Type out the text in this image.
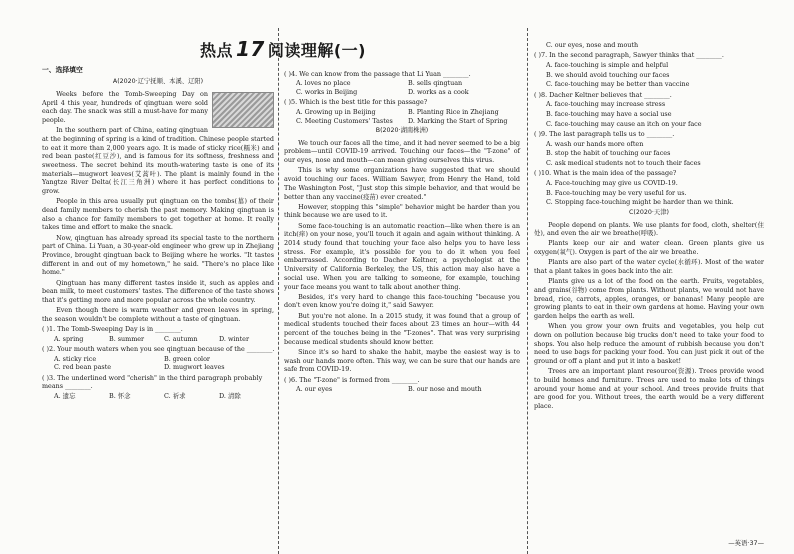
热点 17 阅读理解(一)
一、选择填空
A(2020·辽宁抚顺、本溪、辽阳)

Weeks before the Tomb-Sweeping Day on April 4 this year, hundreds of qingtuan were sold each day. The snack was still a must-have for many people.

In the southern part of China, eating qingtuan at the beginning of spring is a kind of tradition. Chinese people started to eat it more than 2,000 years ago. It is made of sticky rice(糯米) and red bean paste(红豆沙), and is famous for its softness, freshness and sweetness. The secret behind its mouth-watering taste is one of its materials—mugwort leaves(艾蒿叶). The plant is mainly found in the Yangtze River Delta(长江三角洲) where it has perfect conditions to grow.

People in this area usually put qingtuan on the tombs(墓) of their dead family members to cherish the past memory. Making qingtuan is also a chance for family members to get together at home. It really takes time and effort to make the snack.

Now, qingtuan has already spread its special taste to the northern part of China. Li Yuan, a 30-year-old engineer who grew up in Zhejiang Province, brought qingtuan back to Beijing where he works. "It tastes different in and out of my hometown," he said. "There's no place like home."

Qingtuan has many different tastes inside it, such as apples and bean milk, to meet customers' tastes. The difference of the taste shows that it's getting more and more popular across the whole country.

Even though there is warm weather and green leaves in spring, the season wouldn't be complete without a taste of qingtuan.

( )1. The Tomb-Sweeping Day is in ________.
A. spring	B. summer	C. autumn	D. winter
( )2. Your mouth waters when you see qingtuan because of the ________.
A. sticky rice	B. green color
C. red bean paste	D. mugwort leaves
( )3. The underlined word "cherish" in the third paragraph probably means ________.
A. 遗忘	B. 怀念	C. 祈求	D. 清除
( )4. We can know from the passage that Li Yuan ________.
A. loves no place	B. sells qingtuan
C. works in Beijing	D. works as a cook
( )5. Which is the best title for this passage?
A. Growing up in Beijing	B. Planting Rice in Zhejiang
C. Meeting Customers' Tastes	D. Marking the Start of Spring
B(2020·湖南株洲)

We touch our faces all the time, and it had never seemed to be a big problem—until COVID-19 arrived. Touching our faces—the "T-zone" of our eyes, nose and mouth—can mean giving ourselves this virus.

This is why some organizations have suggested that we should avoid touching our faces. William Sawyer, from Henry the Hand, told The Washington Post, "Just stop this simple behavior, and that would be better than any vaccine(疫苗) ever created."

However, stopping this "simple" behavior might be harder than you think because we are used to it.

Some face-touching is an automatic reaction—like when there is an itch(痒) on your nose, you'll touch it again and again without thinking. A 2014 study found that touching your face also helps you to have less stress. For example, it's possible for you to do it when you feel embarrassed. According to Dacher Keltner, a psychologist at the University of California Berkeley, the US, this action may also have a social use. When you are talking to someone, for example, touching your face means you want to talk about another thing.

Besides, it's very hard to change this face-touching "because you don't even know you're doing it," said Sawyer.

But you're not alone. In a 2015 study, it was found that a group of medical students touched their faces about 23 times an hour—with 44 percent of the touches being in the "T-zones". That was very surprising because medical students should know better.

Since it's so hard to shake the habit, maybe the easiest way is to wash our hands more often. This way, we can be sure that our hands are safe from COVID-19.

( )6. The "T-zone" is formed from ________.
A. our eyes	B. our nose and mouth
C. our eyes, nose and mouth
( )7. In the second paragraph, Sawyer thinks that ________.
A. face-touching is simple and helpful
B. we should avoid touching our faces
C. face-touching may be better than vaccine
( )8. Dacher Keltner believes that ________.
A. face-touching may increase stress
B. face-touching may have a social use
C. face-touching may cause an itch on your face
( )9. The last paragraph tells us to ________.
A. wash our hands more often
B. stop the habit of touching our faces
C. ask medical students not to touch their faces
( )10. What is the main idea of the passage?
A. Face-touching may give us COVID-19.
B. Face-touching may be very useful for us.
C. Stopping face-touching might be harder than we think.
C(2020·天津)

People depend on plants. We use plants for food, cloth, shelter(住处), and even the air we breathe(呼吸).

Plants keep our air and water clean. Green plants give us oxygen(氧气). Oxygen is part of the air we breathe.

Plants are also part of the water cycle(水循环). Most of the water that a plant takes in goes back into the air.

Plants give us a lot of the food on the earth. Fruits, vegetables, and grains(谷物) come from plants. Without plants, we would not have bread, rice, carrots, apples, oranges, or bananas! Many people are growing plants to eat in their own gardens at home. Having your own garden helps the earth as well.

When you grow your own fruits and vegetables, you help cut down on pollution because big trucks don't need to take your food to shops. You also help reduce the amount of rubbish because you don't need to use bags for packing your food. You can just pick it out of the ground or off a plant and put it into a basket!

Trees are an important plant resource(资源). Trees provide wood to build homes and furniture. Trees are used to make lots of things around your home and at your school. And trees provide fruits that are good for you. Without trees, the earth would be a very different place.

—英语·37—
